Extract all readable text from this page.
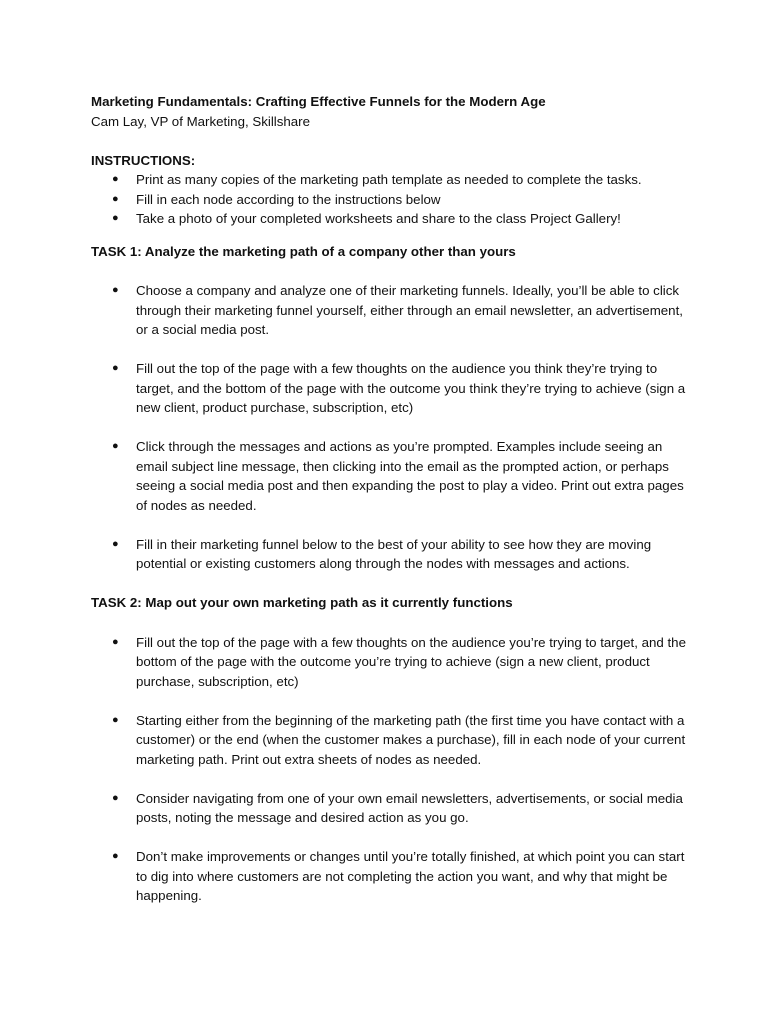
Marketing Fundamentals: Crafting Effective Funnels for the Modern Age

Cam Lay, VP of Marketing, Skillshare

INSTRUCTIONS:

● Print as many copies of the marketing path template as needed to complete the tasks.
● Fill in each node according to the instructions below
● Take a photo of your completed worksheets and share to the class Project Gallery!

TASK 1: Analyze the marketing path of a company other than yours

● Choose a company and analyze one of their marketing funnels. Ideally, you’ll be able to click through their marketing funnel yourself, either through an email newsletter, an advertisement, or a social media post.
● Fill out the top of the page with a few thoughts on the audience you think they’re trying to target, and the bottom of the page with the outcome you think they’re trying to achieve (sign a new client, product purchase, subscription, etc)
● Click through the messages and actions as you’re prompted. Examples include seeing an email subject line message, then clicking into the email as the prompted action, or perhaps seeing a social media post and then expanding the post to play a video. Print out extra pages of nodes as needed.
● Fill in their marketing funnel below to the best of your ability to see how they are moving potential or existing customers along through the nodes with messages and actions.

TASK 2: Map out your own marketing path as it currently functions

● Fill out the top of the page with a few thoughts on the audience you’re trying to target, and the bottom of the page with the outcome you’re trying to achieve (sign a new client, product purchase, subscription, etc)
● Starting either from the beginning of the marketing path (the first time you have contact with a customer) or the end (when the customer makes a purchase), fill in each node of your current marketing path. Print out extra sheets of nodes as needed.
● Consider navigating from one of your own email newsletters, advertisements, or social media posts, noting the message and desired action as you go.
● Don’t make improvements or changes until you’re totally finished, at which point you can start to dig into where customers are not completing the action you want, and why that might be happening.
